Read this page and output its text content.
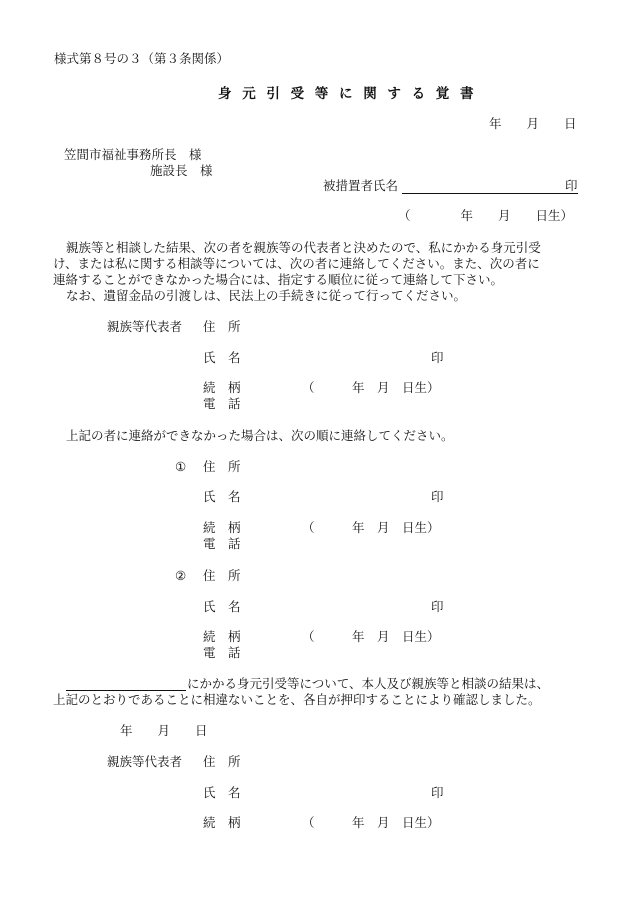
様式第８号の３（第３条関係）
身 元 引 受 等 に 関 す る 覚 書
年　　月　　日
笠間市福祉事務所長　様
施設長　様
被措置者氏名	印
（　　　　年　　月　　日生）
親族等と相談した結果、次の者を親族等の代表者と決めたので、私にかかる身元引受
け、または私に関する相談等については、次の者に連絡してください。また、次の者に
連絡することができなかった場合には、指定する順位に従って連絡して下さい。
なお、遺留金品の引渡しは、民法上の手続きに従って行ってください。
親族等代表者 住　所
氏　名	印
続　柄	（　　　年　月　日生）
電　話
上記の者に連絡ができなかった場合は、次の順に連絡してください。
① 住　所
氏　名	印
続　柄	（　　　年　月　日生）
電　話
② 住　所
氏　名	印
続　柄	（　　　年　月　日生）
電　話
にかかる身元引受等について、本人及び親族等と相談の結果は、
上記のとおりであることに相違ないことを、各自が押印することにより確認しました。
年　　月　　日
親族等代表者 住　所
氏　名	印
続　柄	（　　　年　月　日生）
